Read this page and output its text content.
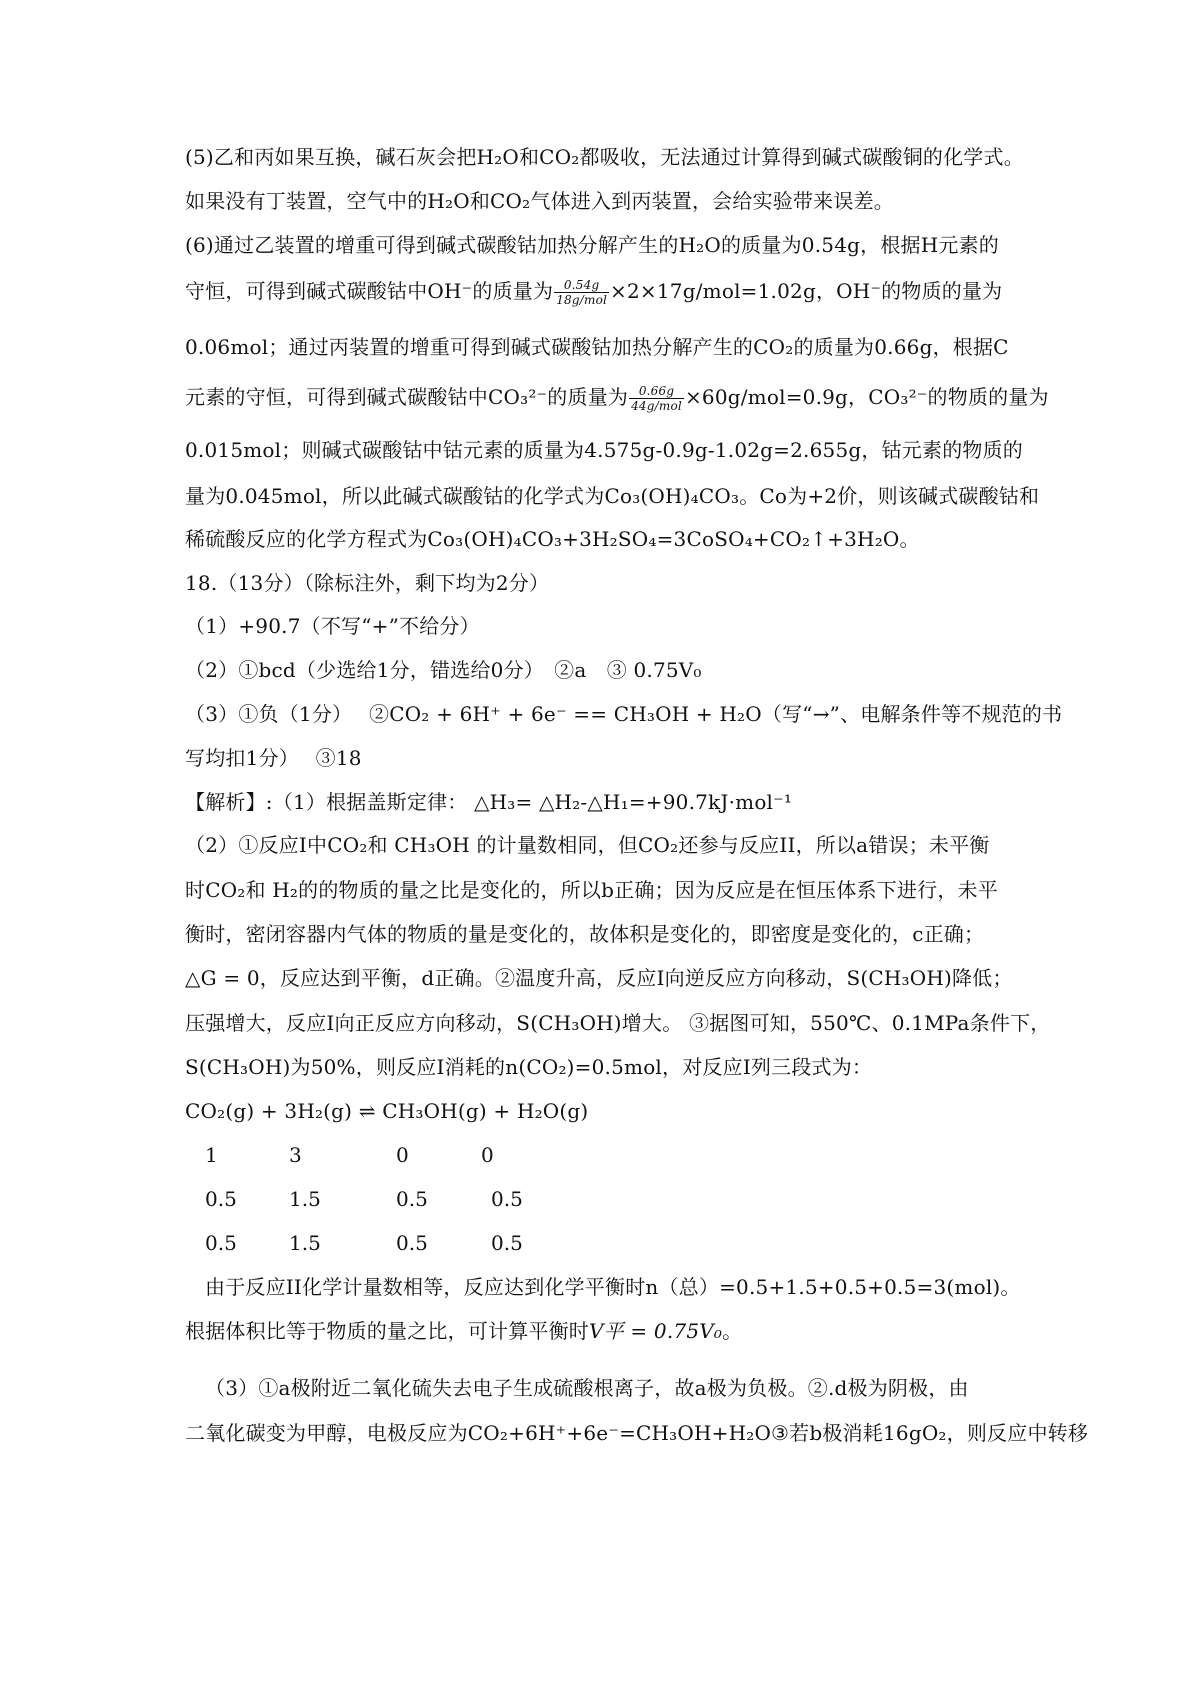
(5)乙和丙如果互换，碱石灰会把H₂O和CO₂都吸收，无法通过计算得到碱式碳酸铜的化学式。
如果没有丁装置，空气中的H₂O和CO₂气体进入到丙装置，会给实验带来误差。
(6)通过乙装置的增重可得到碱式碳酸钴加热分解产生的H₂O的质量为0.54g，根据H元素的
守恒，可得到碱式碳酸钴中OH⁻的质量为 $\frac{0.54g}{\text{18g/mol}} \times 2\times 17g/mol=1.02g$，OH⁻的物质的量为
0.06mol；通过丙装置的增重可得到碱式碳酸钴加热分解产生的CO₂的质量为0.66g，根据C
元素的守恒，可得到碱式碳酸钴中CO₃²⁻的质量为 $\frac{0.66g}{\text{44g/mol}} \times 60g/mol=0.9g$，CO₃²⁻的物质的量为
0.015mol；则碱式碳酸钴中钴元素的质量为4.575g-0.9g-1.02g=2.655g，钴元素的物质的
量为0.045mol，所以此碱式碳酸钴的化学式为Co₃(OH)₄CO₃。Co为+2价，则该碱式碳酸钴和
稀硫酸反应的化学方程式为Co₃(OH)₄CO₃+3H₂SO₄=3CoSO₄+CO₂↑+3H₂O。
18.（13分）（除标注外，剩下均为2分）
（1）+90.7（不写“+”不给分）
（2）①bcd（少选给1分，错选给0分）　②a　③ 0.75V₀
（3）①负（1分）　 ②CO₂ + 6H⁺ + 6e⁻ == CH₃OH + H₂O（写“→”、电解条件等不规范的书
写均扣1分）　 ③18
【解析】:（1）根据盖斯定律： △H₃= △H₂-△H₁=+90.7kJ·mol⁻¹
（2）①反应Ⅰ中CO₂和 CH₃OH 的计量数相同，但CO₂还参与反应II，所以a错误；未平衡
时CO₂和 H₂的的物质的量之比是变化的，所以b正确；因为反应是在恒压体系下进行，未平
衡时，密闭容器内气体的物质的量是变化的，故体积是变化的，即密度是变化的，c正确；
△G = 0，反应达到平衡，d正确。②温度升高，反应Ⅰ向逆反应方向移动，S(CH₃OH)降低；
压强增大，反应Ⅰ向正反应方向移动，S(CH₃OH)增大。 ③据图可知，550℃、0.1MPa条件下，
S(CH₃OH)为50%，则反应Ⅰ消耗的n(CO₂)=0.5mol，对反应Ⅰ列三段式为：
CO₂(g) + 3H₂(g) ⇌ CH₃OH(g) + H₂O(g)
1	3	0	0
0.5	1.5	0.5	0.5
0.5	1.5	0.5	0.5
由于反应II化学计量数相等，反应达到化学平衡时n（总）=0.5+1.5+0.5+0.5=3(mol)。
根据体积比等于物质的量之比，可计算平衡时V平 = 0.75V₀。
（3）①a极附近二氧化硫失去电子生成硫酸根离子，故a极为负极。②.d极为阴极，由
二氧化碳变为甲醇，电极反应为CO₂+6H⁺+6e⁻=CH₃OH+H₂O③若b极消耗16gO₂，则反应中转移
